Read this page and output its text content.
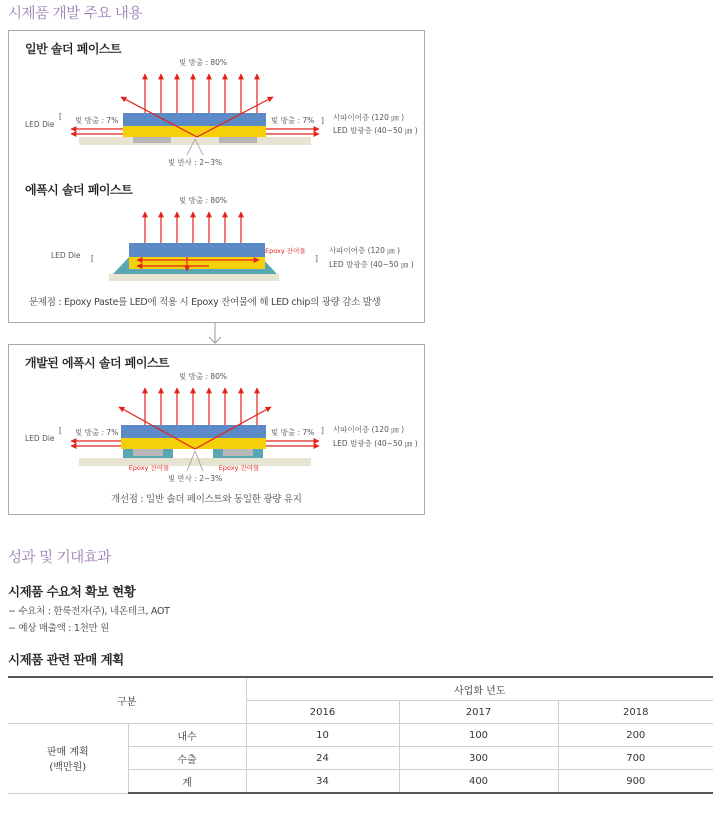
시제품 개발 주요 내용
일반 솔더 페이스트
빛 방출 : 80%
LED Die
[ 빛 방출 : 7%	빛 방출 : 7% ] 사파이어층 (120 ㎛ )
LED 발광층 (40~50 ㎛ )
빛 반사 : 2~3%
빛 방출 : 80%
LED Die [
Epoxy 잔여물
]
사파이어층 (120 ㎛ )
LED 발광층 (40~50 ㎛ )
에폭시 솔더 페이스트
문제점 : Epoxy Paste를 LED에 적용 시 Epoxy 잔여물에 해 LED chip의 광량 감소 발생
개발된 에폭시 솔더 페이스트
빛 방출 : 80%
LED Die
[ 빛 방출 : 7%	빛 방출 : 7% ] 사파이어층 (120 ㎛ )
LED 발광층 (40~50 ㎛ )
Epoxy 잔여물	Epoxy 잔여물
빛 반사 : 2~3%
개선점 : 일반 솔더 페이스트와 동일한 광량 유지
성과 및 기대효과
시제품 수요처 확보 현황
− 수요처 : 한룩전자(주), 네온테크, AOT
− 예상 매출액 : 1천만 원
시제품 관련 판매 계획
구분		사업화 년도		
		2016	2017	2018

판매 계획
(백만원)	내수	10	100	200
	수출	24	300	700
	계	34	400	900
